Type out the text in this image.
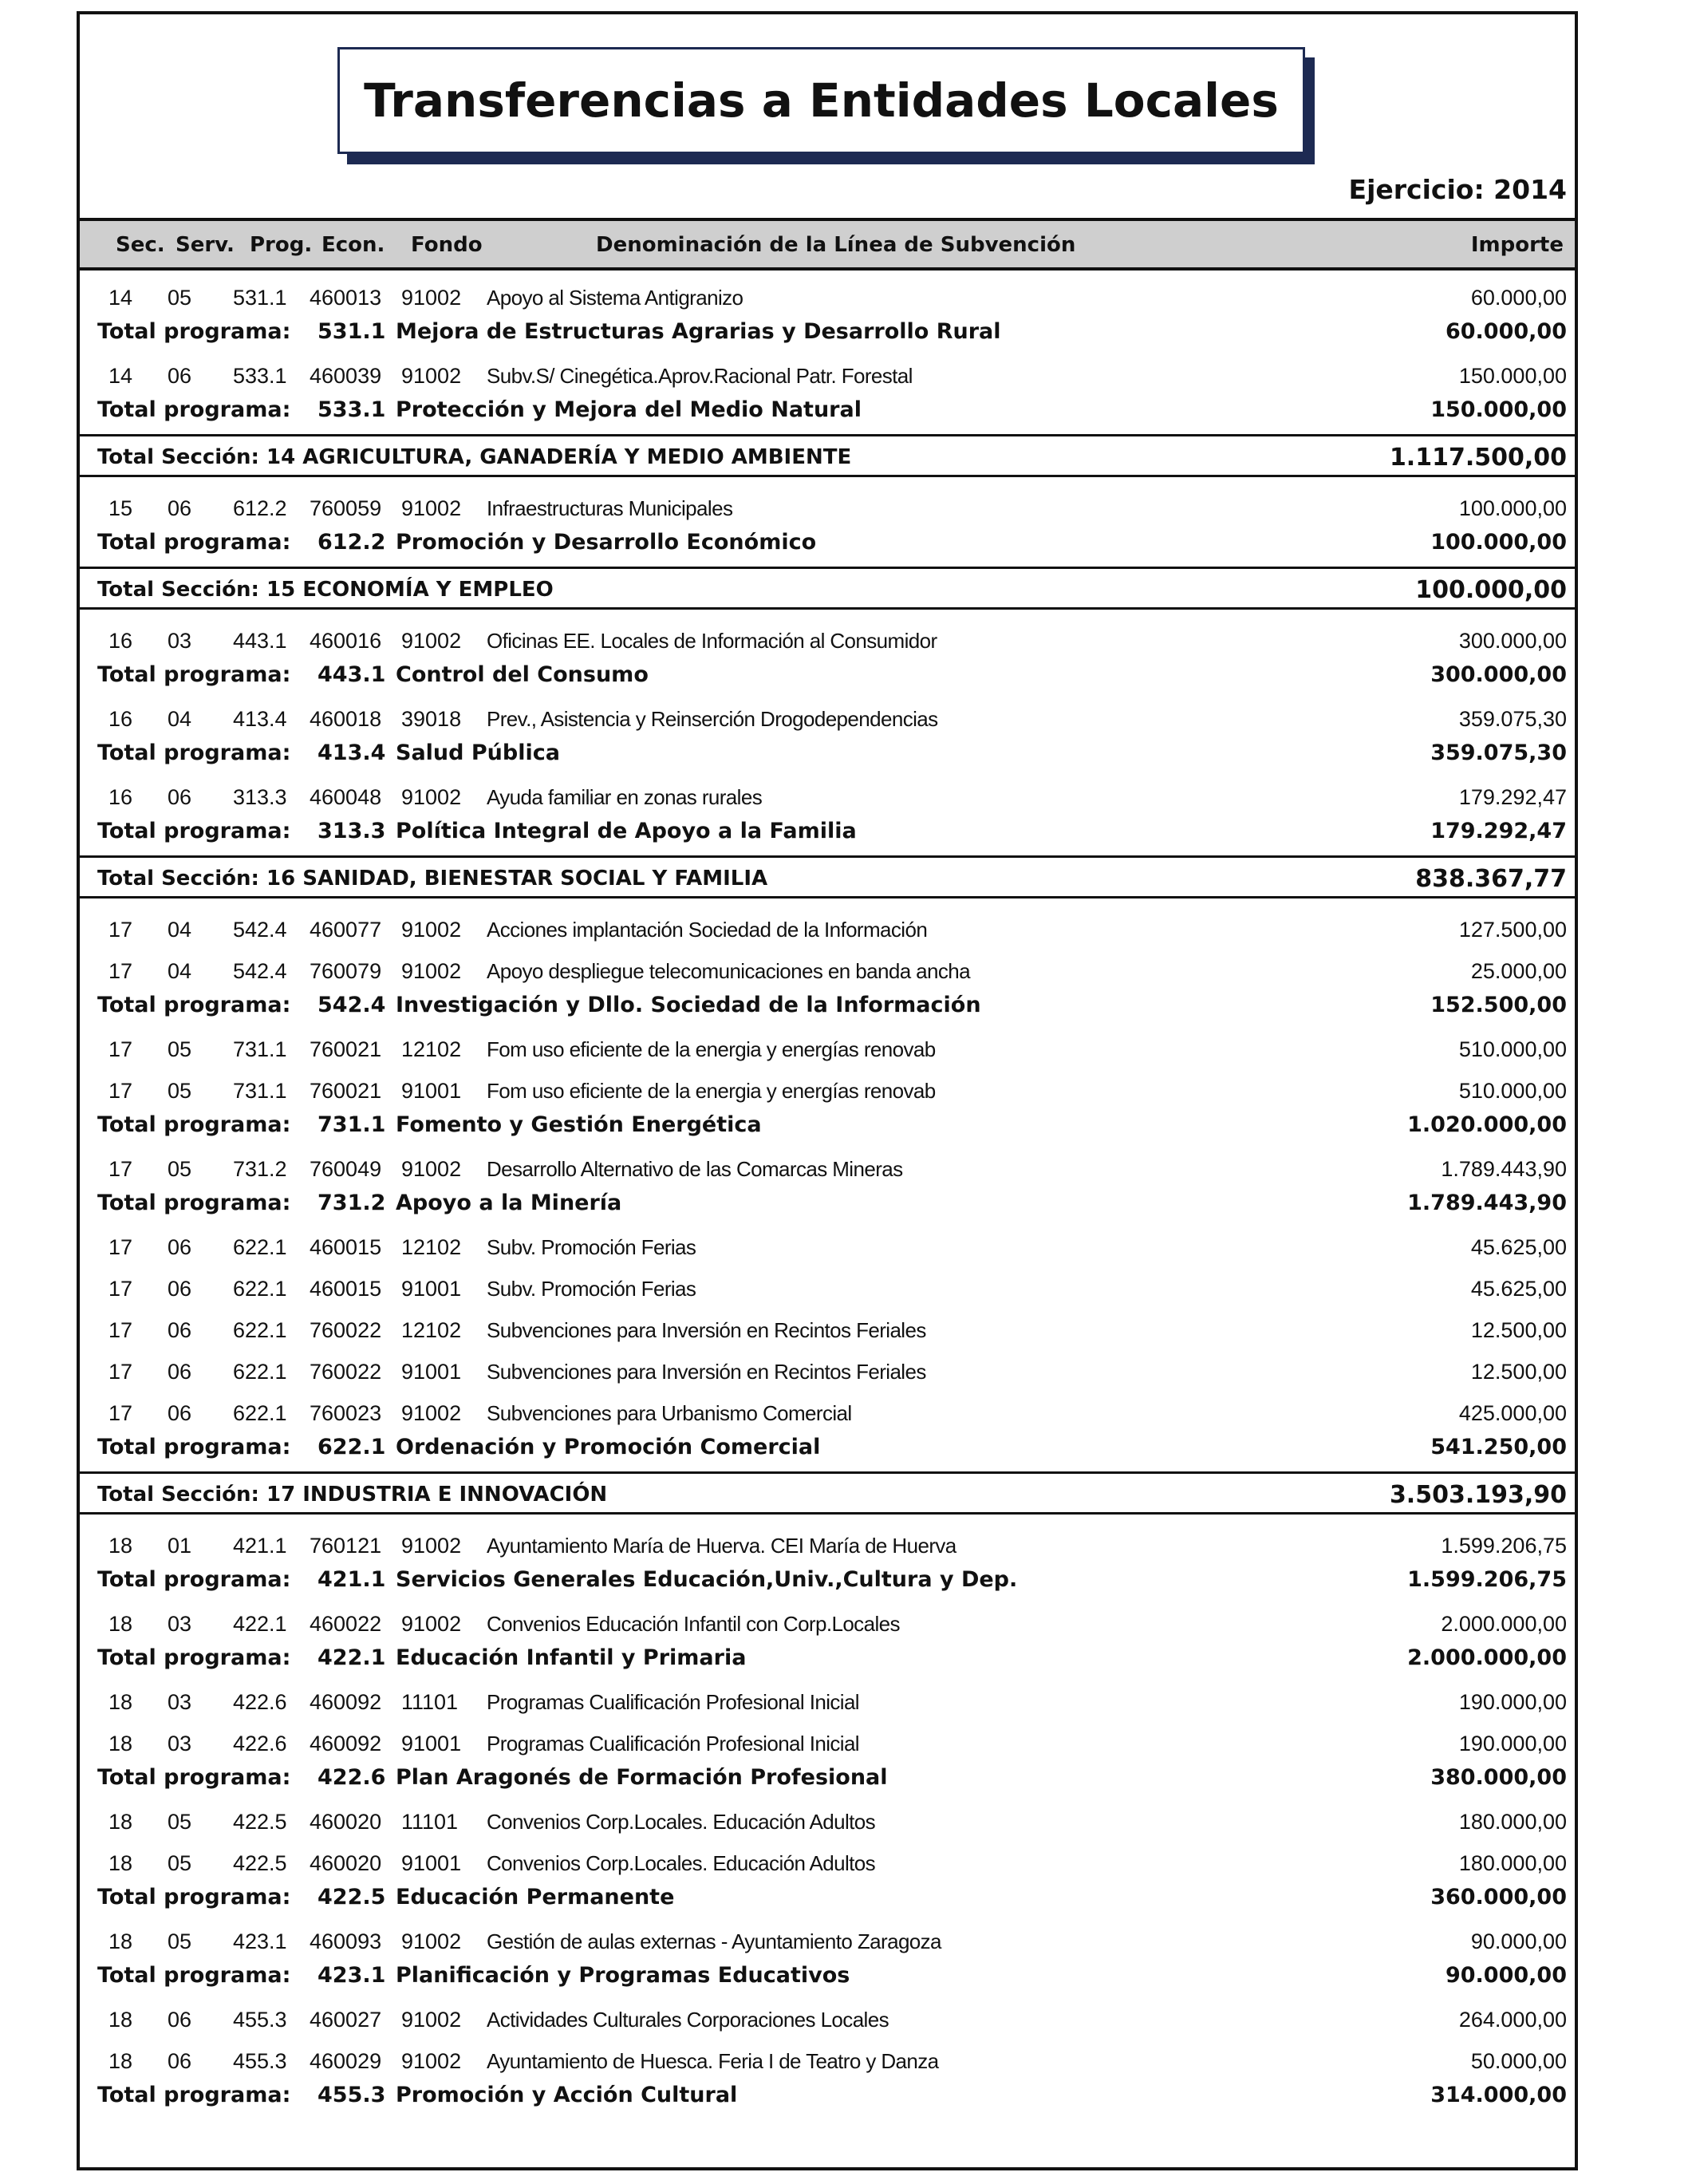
Transferencias a Entidades Locales
Ejercicio: 2014
Sec. Serv. Prog. Econ. Fondo	Denominación de la Línea de Subvención	Importe
14 05 531.1 460013 91002 Apoyo al Sistema Antigranizo	60.000,00
Total programa: 531.1 Mejora de Estructuras Agrarias y Desarrollo Rural	60.000,00
14 06 533.1 460039 91002 Subv.S/ Cinegética.Aprov.Racional Patr. Forestal	150.000,00
Total programa: 533.1 Protección y Mejora del Medio Natural	150.000,00
Total Sección: 14 AGRICULTURA, GANADERÍA Y MEDIO AMBIENTE	1.117.500,00
15 06 612.2 760059 91002 Infraestructuras Municipales	100.000,00
Total programa: 612.2 Promoción y Desarrollo Económico	100.000,00
Total Sección: 15 ECONOMÍA Y EMPLEO	100.000,00
16 03 443.1 460016 91002 Oficinas EE. Locales de Información al Consumidor	300.000,00
Total programa: 443.1 Control del Consumo	300.000,00
16 04 413.4 460018 39018 Prev., Asistencia y Reinserción Drogodependencias	359.075,30
Total programa: 413.4 Salud Pública	359.075,30
16 06 313.3 460048 91002 Ayuda familiar en zonas rurales	179.292,47
Total programa: 313.3 Política Integral de Apoyo a la Familia	179.292,47
Total Sección: 16 SANIDAD, BIENESTAR SOCIAL Y FAMILIA	838.367,77
17 04 542.4 460077 91002 Acciones implantación Sociedad de la Información	127.500,00
17 04 542.4 760079 91002 Apoyo despliegue telecomunicaciones en banda ancha	25.000,00
Total programa: 542.4 Investigación y Dllo. Sociedad de la Información	152.500,00
17 05 731.1 760021 12102 Fom uso eficiente de la energia y energías renovab	510.000,00
17 05 731.1 760021 91001 Fom uso eficiente de la energia y energías renovab	510.000,00
Total programa: 731.1 Fomento y Gestión Energética	1.020.000,00
17 05 731.2 760049 91002 Desarrollo Alternativo de las Comarcas Mineras	1.789.443,90
Total programa: 731.2 Apoyo a la Minería	1.789.443,90
17 06 622.1 460015 12102 Subv. Promoción Ferias	45.625,00
17 06 622.1 460015 91001 Subv. Promoción Ferias	45.625,00
17 06 622.1 760022 12102 Subvenciones para Inversión en Recintos Feriales	12.500,00
17 06 622.1 760022 91001 Subvenciones para Inversión en Recintos Feriales	12.500,00
17 06 622.1 760023 91002 Subvenciones para Urbanismo Comercial	425.000,00
Total programa: 622.1 Ordenación y Promoción Comercial	541.250,00
Total Sección: 17 INDUSTRIA E INNOVACIÓN	3.503.193,90
18 01 421.1 760121 91002 Ayuntamiento María de Huerva. CEI María de Huerva	1.599.206,75
Total programa: 421.1 Servicios Generales Educación,Univ.,Cultura y Dep.	1.599.206,75
18 03 422.1 460022 91002 Convenios Educación Infantil con Corp.Locales	2.000.000,00
Total programa: 422.1 Educación Infantil y Primaria	2.000.000,00
18 03 422.6 460092 11101 Programas Cualificación Profesional Inicial	190.000,00
18 03 422.6 460092 91001 Programas Cualificación Profesional Inicial	190.000,00
Total programa: 422.6 Plan Aragonés de Formación Profesional	380.000,00
18 05 422.5 460020 11101 Convenios Corp.Locales. Educación Adultos	180.000,00
18 05 422.5 460020 91001 Convenios Corp.Locales. Educación Adultos	180.000,00
Total programa: 422.5 Educación Permanente	360.000,00
18 05 423.1 460093 91002 Gestión de aulas externas - Ayuntamiento Zaragoza	90.000,00
Total programa: 423.1 Planificación y Programas Educativos	90.000,00
18 06 455.3 460027 91002 Actividades Culturales Corporaciones Locales	264.000,00
18 06 455.3 460029 91002 Ayuntamiento de Huesca. Feria I de Teatro y Danza	50.000,00
Total programa: 455.3 Promoción y Acción Cultural	314.000,00
